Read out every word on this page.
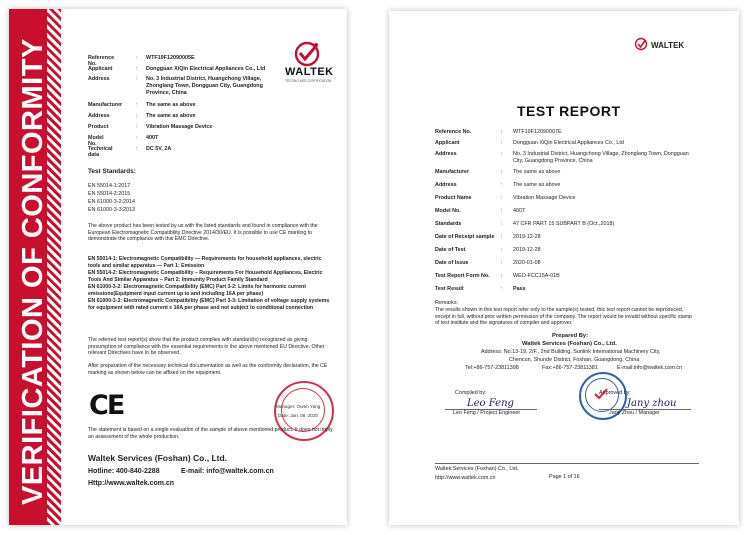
VERIFICATION OF CONFORMITY	WALTEK
TESTING AND CERTIFICATION
Reference No.
: WTF19F12090005E
Applicant	: Dongguan XiQin Electrical Appliances Co., Ltd
Address	: No. 3 Industrial District, Huangchong Village, Zhonglang Town, Dongguan City, Guangdong Province, China
Manufacturer	: The same as above
Address	: The same as above
Product	: Vibration Massage Device
Model No.
: 400T
Technical data
: DC 5V, 2A
Test Standards:
EN 55014-1:2017
EN 55014-2:2015
EN 61000-3-2:2014
EN 61000-3-3:2013
The above product has been tested by us with the listed standards and found in compliance with the European Electromagnetic Compatibility Directive 2014/30/EU. It is possible to use CE marking to demonstrate the compliance with this EMC Directive.
EN 55014-1: Electromagnetic Compatibility — Requirements for household appliances, electric tools and similar apparatus — Part 1: Emission
EN 55014-2: Electromagnetic Compatibility – Requirements For Household Appliances, Electric Tools And Similar Apparatus – Part 2: Immunity Product Family Standard
EN 61000-3-2: Electromagnetic Compatibility (EMC) Part 3-2: Limits for harmonic current emissions(Equipment input current up to and including 16A per phase)
EN 61000-3-3: Electromagnetic Compatibility (EMC) Part 3-3: Limitation of voltage supply systems for equipment with rated current ≤ 16A per phase and not subject to conditional connection
The referred test report(s) show that the product complies with standard(s) recognized as giving presumption of compliance with the essential requirements in the above mentioned EU Directive. Other relevant Directives have to be observed.
After preparation of the necessary technical documentation as well as the conformity declaration, the CE marking as shown below can be affixed on the equipment.
CE	Manager: Owen Yang
Date: Jan. 08, 2020
The statement is based on a single evaluation of the sample of above mentioned product. It does not imply an assessment of the whole production.
Waltek Services (Foshan) Co., Ltd.
Hotline: 400-840-2288	E-mail: info@waltek.com.cn
Http://www.waltek.com.cn
WALTEK
TEST REPORT
Reference No.	: WTF19F12090007E
Applicant	: Dongguan XiQin Electrical Appliances Co., Ltd
Address	: No. 3 Industrial District, Huangchong Village, Zhonglang Town, Dongguan City, Guangdong Province, China
Manufacturer	: The same as above
Address	: The same as above
Product Name	: Vibration Massage Device
Model No.	: 400T
Standards	: 47 CFR PART 15 SUBPART B (Oct.,2018)
Date of Receipt sample : 2019-12-28
Date of Test	: 2019-12-28
Date of Issue	: 2020-01-08
Test Report Form No. : WEO-FCC15A-01B
Test Result	: Pass
Remarks:
The results shown in this test report refer only to the sample(s) tested, this test report cannot be reproduced, except in full, without prior written permission of the company. The report would be invalid without specific stamp of test institute and the signatures of compiler and approver.
Prepared By:
Waltek Services (Foshan) Co., Ltd.
Address: No.13-19, 2/F., 2nd Building, Sunlink International Machinery City,
Chencun, Shunde District, Foshan, Guangdong, China
Tel:+86-757-23811398	Fax:+86-757-23811381	E-mail:info@waltek.com.cn
Compiled by:	Approved by:
Leo Feng	Jany zhou
Leo Feng / Project Engineer	Jany Zhou / Manager
Waltek Services (Foshan) Co., Ltd.
http://www.waltek.com.cn	Page 1 of 16
